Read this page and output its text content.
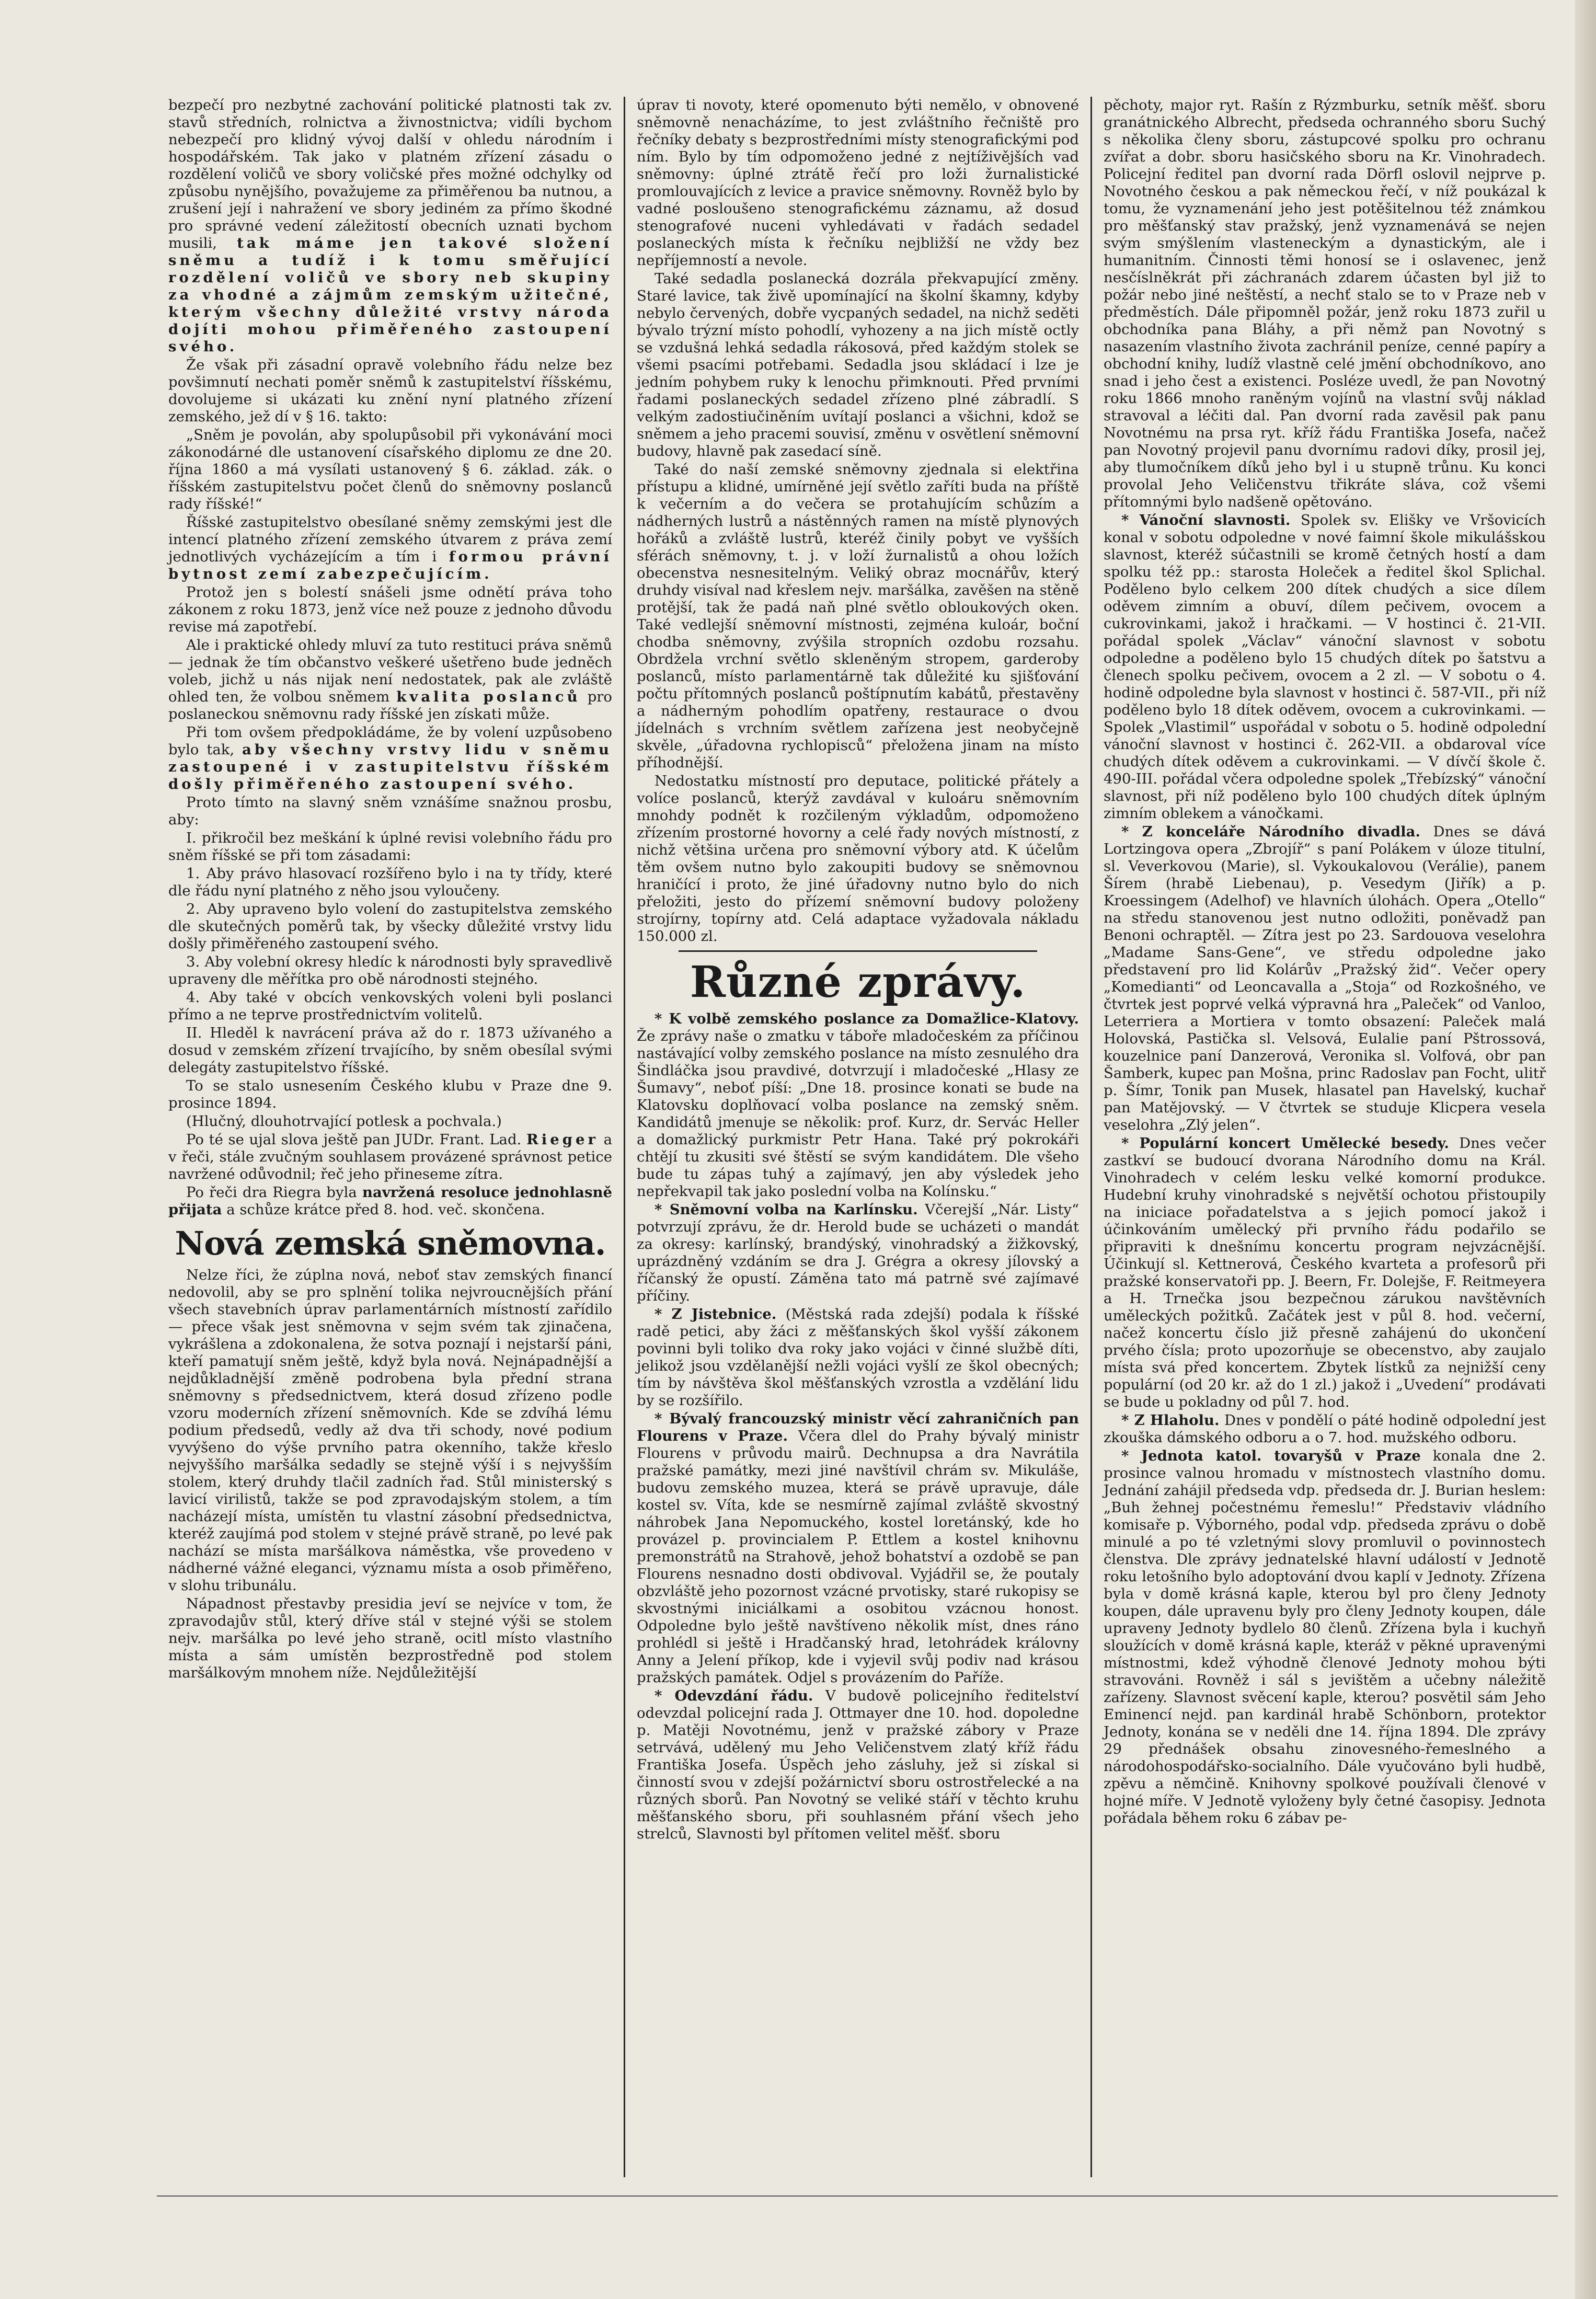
bezpečí pro nezbytné zachování politické platnosti tak zv. stavů středních, rolnictva a živnostnictva; vidíli bychom nebezpečí pro klidný vývoj další v ohledu národním i hospodářském. Tak jako v platném zřízení zásadu o rozdělení voličů ve sbory voličské přes možné odchylky od způsobu nynějšího, považujeme za přiměřenou ba nutnou, a zrušení její i nahražení ve sbory jediném za přímo škodné pro správné vedení záležitostí obecních uznati bychom musili, tak máme jen takové složení sněmu a tudíž i k tomu směřující rozdělení voličů ve sbory neb skupiny za vhodné a zájmům zemským užitečné, kterým všechny důležité vrstvy národa dojíti mohou přiměřeného zastoupení svého.

Že však při zásadní opravě volebního řádu nelze bez povšimnutí nechati poměr sněmů k zastupitelství říšskému, dovolujeme si ukázati ku znění nyní platného zřízení zemského, jež dí v § 16. takto:

„Sněm je povolán, aby spolupůsobil při vykonávání moci zákonodárné dle ustanovení císařského diplomu ze dne 20. října 1860 a má vysílati ustanovený § 6. základ. zák. o říšském zastupitelstvu počet členů do sněmovny poslanců rady říšské!“

Říšské zastupitelstvo obesílané sněmy zemskými jest dle intencí platného zřízení zemského útvarem z práva zemí jednotlivých vycházejícím a tím i formou právní bytnost zemí zabezpečujícím.

Protož jen s bolestí snášeli jsme odnětí práva toho zákonem z roku 1873, jenž více než pouze z jednoho důvodu revise má zapotřebí.

Ale i praktické ohledy mluví za tuto restituci práva sněmů — jednak že tím občanstvo veškeré ušetřeno bude jedněch voleb, jichž u nás nijak není nedostatek, pak ale zvláště ohled ten, že volbou sněmem kvalita poslanců pro poslaneckou sněmovnu rady říšské jen získati může.

Při tom ovšem předpokládáme, že by volení uzpůsobeno bylo tak, aby všechny vrstvy lidu v sněmu zastoupené i v zastupitelstvu říšském došly přiměřeného zastoupení svého.

Proto tímto na slavný sněm vznášíme snažnou prosbu, aby:

I. přikročil bez meškání k úplné revisi volebního řádu pro sněm říšské se při tom zásadami:

1. Aby právo hlasovací rozšířeno bylo i na ty třídy, které dle řádu nyní platného z něho jsou vyloučeny.

2. Aby upraveno bylo volení do zastupitelstva zemského dle skutečných poměrů tak, by všecky důležité vrstvy lidu došly přiměřeného zastoupení svého.

3. Aby volební okresy hledíc k národnosti byly spravedlivě upraveny dle měřítka pro obě národnosti stejného.

4. Aby také v obcích venkovských voleni byli poslanci přímo a ne teprve prostřednictvím volitelů.

II. Hleděl k navrácení práva až do r. 1873 užívaného a dosud v zemském zřízení trvajícího, by sněm obesílal svými delegáty zastupitelstvo říšské.

To se stalo usnesením Českého klubu v Praze dne 9. prosince 1894.

(Hlučný, dlouhotrvající potlesk a pochvala.)

Po té se ujal slova ještě pan JUDr. Frant. Lad. Rieger a v řeči, stále zvučným souhlasem provázené správnost petice navržené odůvodnil; řeč jeho přineseme zítra.

Po řeči dra Riegra byla navržená resoluce jednohlasně přijata a schůze krátce před 8. hod. več. skončena.

Nová zemská sněmovna.

Nelze říci, že zúplna nová, neboť stav zemských financí nedovolil, aby se pro splnění tolika nejvroucnějších přání všech stavebních úprav parlamentárních místností zařídilo — přece však jest sněmovna v sejm svém tak zjinačena, vykrášlena a zdokonalena, že sotva poznají i nejstarší páni, kteří pamatují sněm ještě, když byla nová. Nejnápadnější a nejdůkladnější změně podrobena byla přední strana sněmovny s předsednictvem, která dosud zřízeno podle vzoru moderních zřízení sněmovních. Kde se zdvíhá lému podium předsedů, vedly až dva tři schody, nové podium vyvýšeno do výše prvního patra okenního, takže křeslo nejvyššího maršálka sedadly se stejně výší i s nejvyšším stolem, který druhdy tlačil zadních řad. Stůl ministerský s lavicí virilistů, takže se pod zpravodajským stolem, a tím nacházejí místa, umístěn tu vlastní zásobní předsednictva, kteréž zaujímá pod stolem v stejné právě straně, po levé pak nachází se místa maršálkova náměstka, vše provedeno v nádherné vážné eleganci, významu místa a osob přiměřeno, v slohu tribunálu.

Nápadnost přestavby presidia jeví se nejvíce v tom, že zpravodajův stůl, který dříve stál v stejné výši se stolem nejv. maršálka po levé jeho straně, ocitl místo vlastního místa a sám umístěn bezprostředně pod stolem maršálkovým mnohem níže. Nejdůležitější

úprav ti novoty, které opomenuto býti nemělo, v obnovené sněmovně nenacházíme, to jest zvláštního řečniště pro řečníky debaty s bezprostředními místy stenografickými pod ním. Bylo by tím odpomoženo jedné z nejtíživějších vad sněmovny: úplné ztrátě řečí pro loži žurnalistické promlouvajících z levice a pravice sněmovny. Rovněž bylo by vadné posloušeno stenografickému záznamu, až dosud stenografové nuceni vyhledávati v řadách sedadel poslaneckých místa k řečníku nejbližší ne vždy bez nepříjemností a nevole.

Také sedadla poslanecká dozrála překvapující změny. Staré lavice, tak živě upomínající na školní škamny, kdyby nebylo červených, dobře vycpaných sedadel, na nichž seděti bývalo trýzní místo pohodlí, vyhozeny a na jich místě octly se vzdušná lehká sedadla rákosová, před každým stolek se všemi psacími potřebami. Sedadla jsou skládací i lze je jedním pohybem ruky k lenochu přimknouti. Před prvními řadami poslaneckých sedadel zřízeno plné zábradlí. S velkým zadostiučiněním uvítají poslanci a všichni, kdož se sněmem a jeho pracemi souvisí, změnu v osvětlení sněmovní budovy, hlavně pak zasedací síně.

Také do naší zemské sněmovny zjednala si elektřina přístupu a klidné, umírněné její světlo zaříti buda na příště k večerním a do večera se protahujícím schůzím a nádherných lustrů a nástěnných ramen na místě plynových hořáků a zvláště lustrů, kteréž činily pobyt ve vyšších sférách sněmovny, t. j. v loží žurnalistů a ohou ložích obecenstva nesnesitelným. Veliký obraz mocnářův, který druhdy visíval nad křeslem nejv. maršálka, zavěšen na stěně protější, tak že padá naň plné světlo obloukových oken. Také vedlejší sněmovní místnosti, zejména kuloár, boční chodba sněmovny, zvýšila stropních ozdobu rozsahu. Obrdžela vrchní světlo skleněným stropem, garderoby poslanců, místo parlamentárně tak důležité ku sjišťování počtu přítomných poslanců poštípnutím kabátů, přestavěny a nádherným pohodlím opatřeny, restaurace o dvou jídelnách s vrchním světlem zařízena jest neobyčejně skvěle, „úřadovna rychlopisců“ přeložena jinam na místo příhodnější.

Nedostatku místností pro deputace, politické přátely a volíce poslanců, kterýž zavdával v kuloáru sněmovním mnohdy podnět k rozčileným výkladům, odpomoženo zřízením prostorné hovorny a celé řady nových místností, z nichž většina určena pro sněmovní výbory atd. K účelům těm ovšem nutno bylo zakoupiti budovy se sněmovnou hraničící i proto, že jiné úřadovny nutno bylo do nich přeložiti, jesto do přízemí sněmovní budovy položeny strojírny, topírny atd. Celá adaptace vyžadovala nákladu 150.000 zl.

Různé zprávy.

* K volbě zemského poslance za Domažlice-Klatovy. Že zprávy naše o zmatku v táboře mladočeském za příčinou nastávající volby zemského poslance na místo zesnulého dra Šindláčka jsou pravdivé, dotvrzují i mladočeské „Hlasy ze Šumavy“, neboť píší: „Dne 18. prosince konati se bude na Klatovsku doplňovací volba poslance na zemský sněm. Kandidátů jmenuje se několik: prof. Kurz, dr. Servác Heller a domažlický purkmistr Petr Hana. Také prý pokrokáři chtějí tu zkusiti své štěstí se svým kandidátem. Dle všeho bude tu zápas tuhý a zajímavý, jen aby výsledek jeho nepřekvapil tak jako poslední volba na Kolínsku.“

* Sněmovní volba na Karlínsku. Včerejší „Nár. Listy“ potvrzují zprávu, že dr. Herold bude se ucházeti o mandát za okresy: karlínský, brandýský, vinohradský a žižkovský, uprázdněný vzdáním se dra J. Grégra a okresy jílovský a říčanský že opustí. Záměna tato má patrně své zajímavé příčiny.

* Z Jistebnice. (Městská rada zdejší) podala k říšské radě petici, aby žáci z měšťanských škol vyšší zákonem povinni byli toliko dva roky jako vojáci v činné službě díti, jelikož jsou vzdělanější nežli vojáci vyšlí ze škol obecných; tím by návštěva škol měšťanských vzrostla a vzdělání lidu by se rozšířilo.

* Bývalý francouzský ministr věcí zahraničních pan Flourens v Praze. Včera dlel do Prahy bývalý ministr Flourens v průvodu mairů. Dechnupsa a dra Navrátila pražské památky, mezi jiné navštívil chrám sv. Mikuláše, budovu zemského muzea, která se právě upravuje, dále kostel sv. Víta, kde se nesmírně zajímal zvláště skvostný náhrobek Jana Nepomuckého, kostel loretánský, kde ho provázel p. provincialem P. Ettlem a kostel knihovnu premonstrátů na Strahově, jehož bohatství a ozdobě se pan Flourens nesnadno dosti obdivoval. Vyjádřil se, že poutaly obzvláště jeho pozornost vzácné prvotisky, staré rukopisy se skvostnými iniciálkami a osobitou vzácnou honost. Odpoledne bylo ještě navštíveno několik míst, dnes ráno prohlédl si ještě i Hradčanský hrad, letohrádek královny Anny a Jelení příkop, kde i vyjevil svůj podiv nad krásou pražských památek. Odjel s provázením do Paříže.

* Odevzdání řádu. V budově policejního ředitelství odevzdal policejní rada J. Ottmayer dne 10. hod. dopoledne p. Matěji Novotnému, jenž v pražské zábory v Praze setrvává, udělený mu Jeho Veličenstvem zlatý kříž řádu Františka Josefa. Úspěch jeho zásluhy, jež si získal si činností svou v zdejší požárnictví sboru ostrostřelecké a na různých sborů. Pan Novotný se veliké stáří v těchto kruhu měšťanského sboru, při souhlasném přání všech jeho strelců, Slavnosti byl přítomen velitel měšť. sboru

pěchoty, major ryt. Rašín z Rýzmburku, setník měšť. sboru granátnického Albrecht, předseda ochranného sboru Suchý s několika členy sboru, zástupcové spolku pro ochranu zvířat a dobr. sboru hasičského sboru na Kr. Vinohradech. Policejní ředitel pan dvorní rada Dörfl oslovil nejprve p. Novotného českou a pak německou řečí, v níž poukázal k tomu, že vyznamenání jeho jest potěšitelnou též známkou pro měšťanský stav pražský, jenž vyznamenává se nejen svým smýšlením vlasteneckým a dynastickým, ale i humanitním. Činnosti těmi honosí se i oslavenec, jenž nesčíslněkrát při záchranách zdarem účasten byl již to požár nebo jiné neštěstí, a nechť stalo se to v Praze neb v předměstích. Dále připomněl požár, jenž roku 1873 zuřil u obchodníka pana Bláhy, a při němž pan Novotný s nasazením vlastního života zachránil peníze, cenné papíry a obchodní knihy, ludíž vlastně celé jmění obchodníkovo, ano snad i jeho čest a existenci. Posléze uvedl, že pan Novotný roku 1866 mnoho raněným vojínů na vlastní svůj náklad stravoval a léčiti dal. Pan dvorní rada zavěsil pak panu Novotnému na prsa ryt. kříž řádu Františka Josefa, načež pan Novotný projevil panu dvornímu radovi díky, prosil jej, aby tlumočníkem díků jeho byl i u stupně trůnu. Ku konci provolal Jeho Veličenstvu třikráte sláva, což všemi přítomnými bylo nadšeně opětováno.

* Vánoční slavnosti. Spolek sv. Elišky ve Vršovicích konal v sobotu odpoledne v nové faimní škole mikulášskou slavnost, kteréž súčastnili se kromě četných hostí a dam spolku též pp.: starosta Holeček a ředitel škol Splichal. Poděleno bylo celkem 200 dítek chudých a sice dílem oděvem zimním a obuví, dílem pečivem, ovocem a cukrovinkami, jakož i hračkami. — V hostinci č. 21-VII. pořádal spolek „Václav“ vánoční slavnost v sobotu odpoledne a poděleno bylo 15 chudých dítek po šatstvu a členech spolku pečivem, ovocem a 2 zl. — V sobotu o 4. hodině odpoledne byla slavnost v hostinci č. 587-VII., při níž poděleno bylo 18 dítek oděvem, ovocem a cukrovinkami. — Spolek „Vlastimil“ uspořádal v sobotu o 5. hodině odpolední vánoční slavnost v hostinci č. 262-VII. a obdaroval více chudých dítek oděvem a cukrovinkami. — V dívčí škole č. 490-III. pořádal včera odpoledne spolek „Třebízský“ vánoční slavnost, při níž poděleno bylo 100 chudých dítek úplným zimním oblekem a vánočkami.

* Z konceláře Národního divadla. Dnes se dává Lortzingova opera „Zbrojíř“ s paní Polákem v úloze titulní, sl. Veverkovou (Marie), sl. Vykoukalovou (Verálie), panem Šírem (hrabě Liebenau), p. Vesedym (Jiřík) a p. Kroessingem (Adelhof) ve hlavních úlohách. Opera „Otello“ na středu stanovenou jest nutno odložiti, poněvadž pan Benoni ochraptěl. — Zítra jest po 23. Sardouova veselohra „Madame Sans-Gene“, ve středu odpoledne jako představení pro lid Kolárův „Pražský žid“. Večer opery „Komedianti“ od Leoncavalla a „Stoja“ od Rozkošného, ve čtvrtek jest poprvé velká výpravná hra „Paleček“ od Vanloo, Leterriera a Mortiera v tomto obsazení: Paleček malá Holovská, Pastička sl. Velsová, Eulalie paní Pštrossová, kouzelnice paní Danzerová, Veronika sl. Volfová, obr pan Šamberk, kupec pan Mošna, princ Radoslav pan Focht, ulitř p. Šímr, Tonik pan Musek, hlasatel pan Havelský, kuchař pan Matějovský. — V čtvrtek se studuje Klicpera vesela veselohra „Zlý jelen“.

* Populární koncert Umělecké besedy. Dnes večer zastkví se budoucí dvorana Národního domu na Král. Vinohradech v celém lesku velké komorní produkce. Hudební kruhy vinohradské s největší ochotou přistoupily na iniciace pořadatelstva a s jejich pomocí jakož i účinkováním umělecký při prvního řádu podařilo se připraviti k dnešnímu koncertu program nejvzácnější. Účinkují sl. Kettnerová, Českého kvarteta a profesorů při pražské konservatoři pp. J. Beern, Fr. Dolejše, F. Reitmeyera a H. Trnečka jsou bezpečnou zárukou navštěvních uměleckých požitků. Začátek jest v půl 8. hod. večerní, načež koncertu číslo již přesně zahájenú do ukončení prvého čísla; proto upozorňuje se obecenstvo, aby zaujalo místa svá před koncertem. Zbytek lístků za nejnižší ceny populární (od 20 kr. až do 1 zl.) jakož i „Uvedení“ prodávati se bude u pokladny od půl 7. hod.

* Z Hlaholu. Dnes v pondělí o páté hodině odpolední jest zkouška dámského odboru a o 7. hod. mužského odboru.

* Jednota katol. tovaryšů v Praze konala dne 2. prosince valnou hromadu v místnostech vlastního domu. Jednání zahájil předseda vdp. předseda dr. J. Burian heslem: „Buh žehnej počestnému řemeslu!“ Představiv vládního komisaře p. Výborného, podal vdp. předseda zprávu o době minulé a po té vzletnými slovy promluvil o povinnostech členstva. Dle zprávy jednatelské hlavní událostí v Jednotě roku letošního bylo adoptování dvou kaplí v Jednoty. Zřízena byla v domě krásná kaple, kterou byl pro členy Jednoty koupen, dále upravenu byly pro členy Jednoty koupen, dále upraveny Jednoty bydlelo 80 členů. Zřízena byla i kuchyň sloužících v domě krásná kaple, kteráž v pěkné upravenými místnostmi, kdež výhodně členové Jednoty mohou býti stravováni. Rovněž i sál s jevištěm a učebny náležitě zařízeny. Slavnost svěcení kaple, kterou? posvětil sám Jeho Eminencí nejd. pan kardinál hrabě Schönborn, protektor Jednoty, konána se v neděli dne 14. října 1894. Dle zprávy 29 přednášek obsahu zinovesného-řemeslného a národohospodářsko-socialního. Dále vyučováno byli hudbě, zpěvu a němčině. Knihovny spolkové používali členové v hojné míře. V Jednotě vyloženy byly četné časopisy. Jednota pořádala během roku 6 zábav pe-
